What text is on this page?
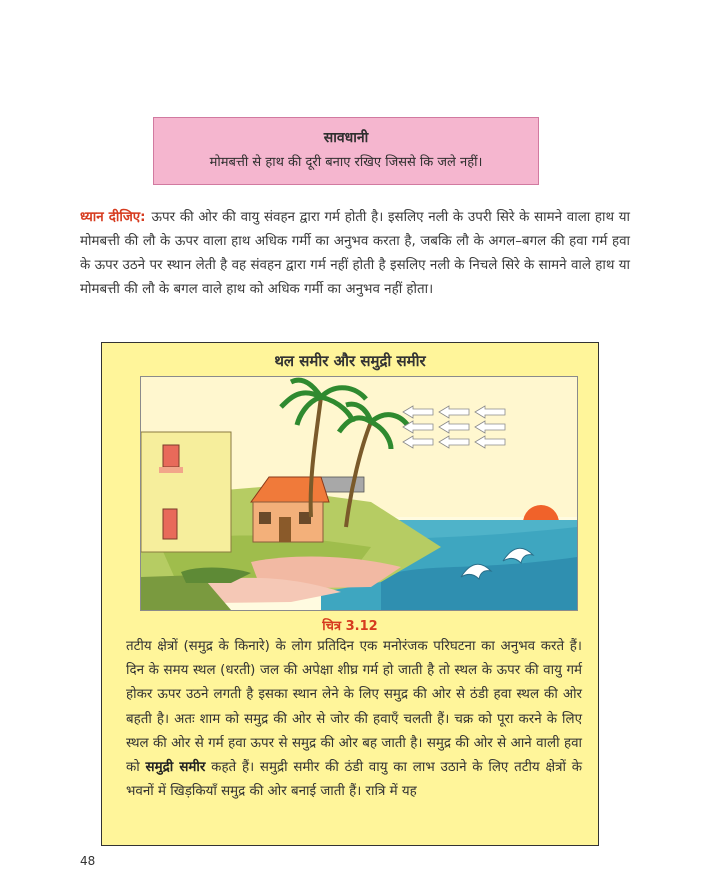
सावधानी
मोमबत्ती से हाथ की दूरी बनाए रखिए जिससे कि जले नहीं।
ध्यान दीजिए: ऊपर की ओर की वायु संवहन द्वारा गर्म होती है। इसलिए नली के उपरी सिरे के सामने वाला हाथ या मोमबत्ती की लौ के ऊपर वाला हाथ अधिक गर्मी का अनुभव करता है, जबकि लौ के अगल–बगल की हवा गर्म हवा के ऊपर उठने पर स्थान लेती है वह संवहन द्वारा गर्म नहीं होती है इसलिए नली के निचले सिरे के सामने वाले हाथ या मोमबत्ती की लौ के बगल वाले हाथ को अधिक गर्मी का अनुभव नहीं होता।
थल समीर और समुद्री समीर
चित्र 3.12
तटीय क्षेत्रों (समुद्र के किनारे) के लोग प्रतिदिन एक मनोरंजक परिघटना का अनुभव करते हैं। दिन के समय स्थल (धरती) जल की अपेक्षा शीघ्र गर्म हो जाती है तो स्थल के ऊपर की वायु गर्म होकर ऊपर उठने लगती है इसका स्थान लेने के लिए समुद्र की ओर से ठंडी हवा स्थल की ओर बहती है। अतः शाम को समुद्र की ओर से जोर की हवाएँ चलती हैं। चक्र को पूरा करने के लिए स्थल की ओर से गर्म हवा ऊपर से समुद्र की ओर बह जाती है। समुद्र की ओर से आने वाली हवा को समुद्री समीर कहते हैं। समुद्री समीर की ठंडी वायु का लाभ उठाने के लिए तटीय क्षेत्रों के भवनों में खिड़कियाँ समुद्र की ओर बनाई जाती हैं। रात्रि में यह
48
